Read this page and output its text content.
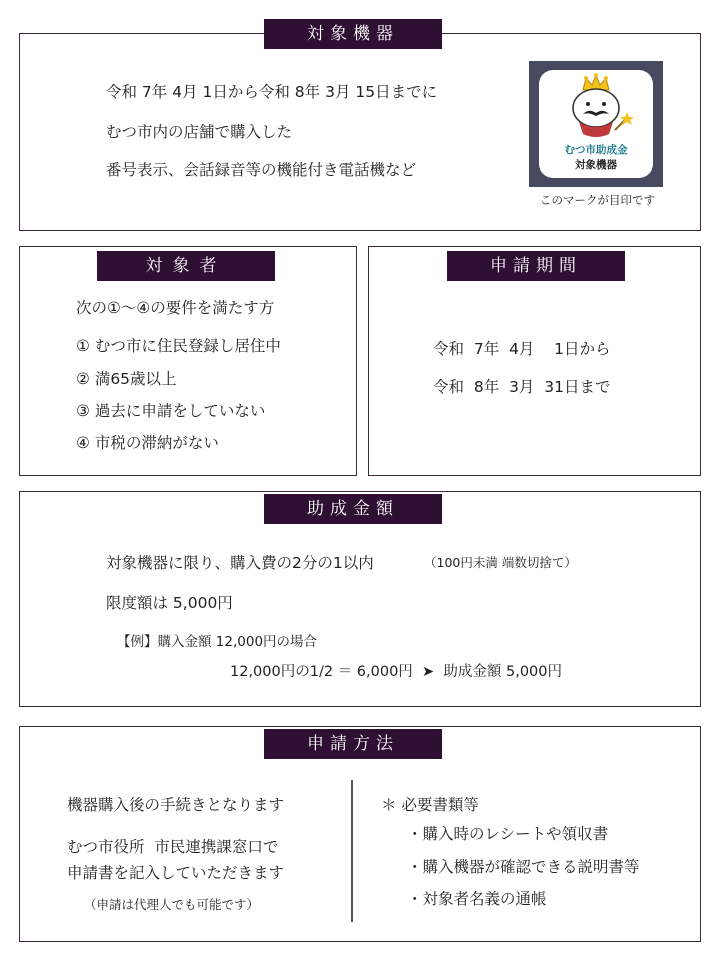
対象機器
令和 7年 4月 1日から令和 8年 3月 15日までに
むつ市内の店舗で購入した
番号表示、会話録音等の機能付き電話機など
むつ市助成金
対象機器
このマークが目印です
対象者
次の①～④の要件を満たす方
① むつ市に住民登録し居住中
② 満65歳以上
③ 過去に申請をしていない
④ 市税の滞納がない
申請期間
令和  7年  4月    1日から
令和  8年  3月  31日まで
助成金額
対象機器に限り、購入費の2分の1以内	（100円未満 端数切捨て）
限度額は 5,000円
【例】購入金額 12,000円の場合
12,000円の1/2 ＝ 6,000円  ➤  助成金額 5,000円
申請方法
機器購入後の手続きとなります
むつ市役所  市民連携課窓口で
申請書を記入していただきます
（申請は代理人でも可能です）
＊ 必要書類等
・購入時のレシートや領収書
・購入機器が確認できる説明書等
・対象者名義の通帳
